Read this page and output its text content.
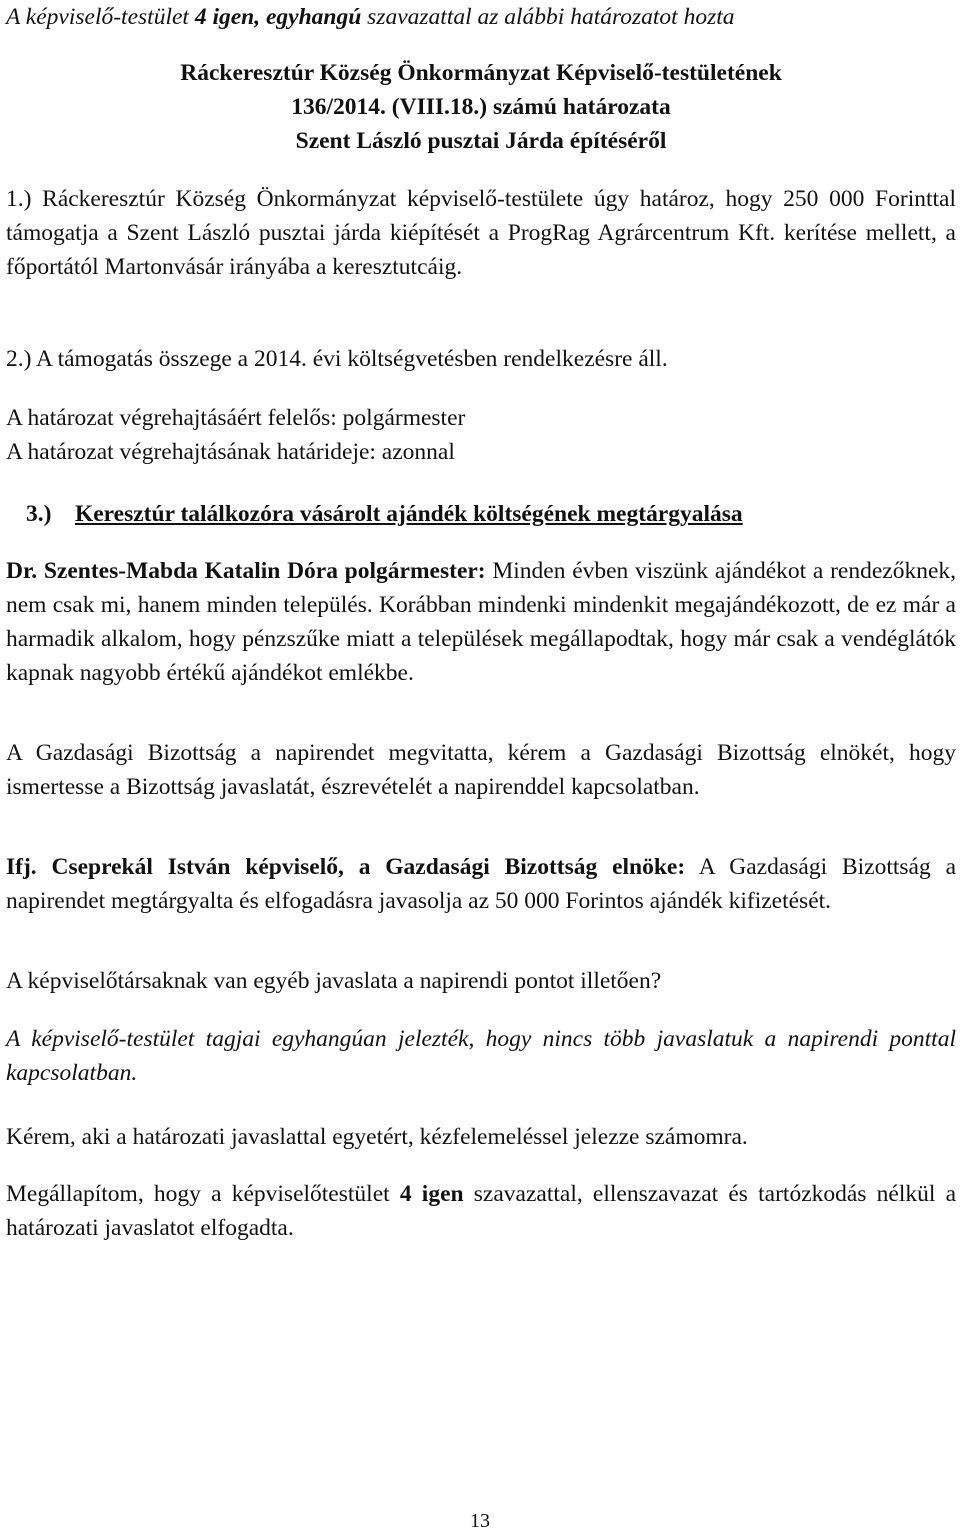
A képviselő-testület 4 igen, egyhangú szavazattal az alábbi határozatot hozta

Ráckeresztúr Község Önkormányzat Képviselő-testületének
136/2014. (VIII.18.) számú határozata
Szent László pusztai Járda építéséről

1.) Ráckeresztúr Község Önkormányzat képviselő-testülete úgy határoz, hogy 250 000 Forinttal támogatja a Szent László pusztai járda kiépítését a ProgRag Agrárcentrum Kft. kerítése mellett, a főportától Martonvásár irányába a keresztutcáig.

2.) A támogatás összege a 2014. évi költségvetésben rendelkezésre áll.

A határozat végrehajtásáért felelős: polgármester
A határozat végrehajtásának határideje: azonnal

3.) Keresztúr találkozóra vásárolt ajándék költségének megtárgyalása

Dr. Szentes-Mabda Katalin Dóra polgármester: Minden évben viszünk ajándékot a rendezőknek, nem csak mi, hanem minden település. Korábban mindenki mindenkit megajándékozott, de ez már a harmadik alkalom, hogy pénzszűke miatt a települések megállapodtak, hogy már csak a vendéglátók kapnak nagyobb értékű ajándékot emlékbe.

A Gazdasági Bizottság a napirendet megvitatta, kérem a Gazdasági Bizottság elnökét, hogy ismertesse a Bizottság javaslatát, észrevételét a napirenddel kapcsolatban.

Ifj. Cseprekál István képviselő, a Gazdasági Bizottság elnöke: A Gazdasági Bizottság a napirendet megtárgyalta és elfogadásra javasolja az 50 000 Forintos ajándék kifizetését.

A képviselőtársaknak van egyéb javaslata a napirendi pontot illetően?

A képviselő-testület tagjai egyhangúan jelezték, hogy nincs több javaslatuk a napirendi ponttal kapcsolatban.

Kérem, aki a határozati javaslattal egyetért, kézfelemeléssel jelezze számomra.

Megállapítom, hogy a képviselőtestület 4 igen szavazattal, ellenszavazat és tartózkodás nélkül a határozati javaslatot elfogadta.

13
